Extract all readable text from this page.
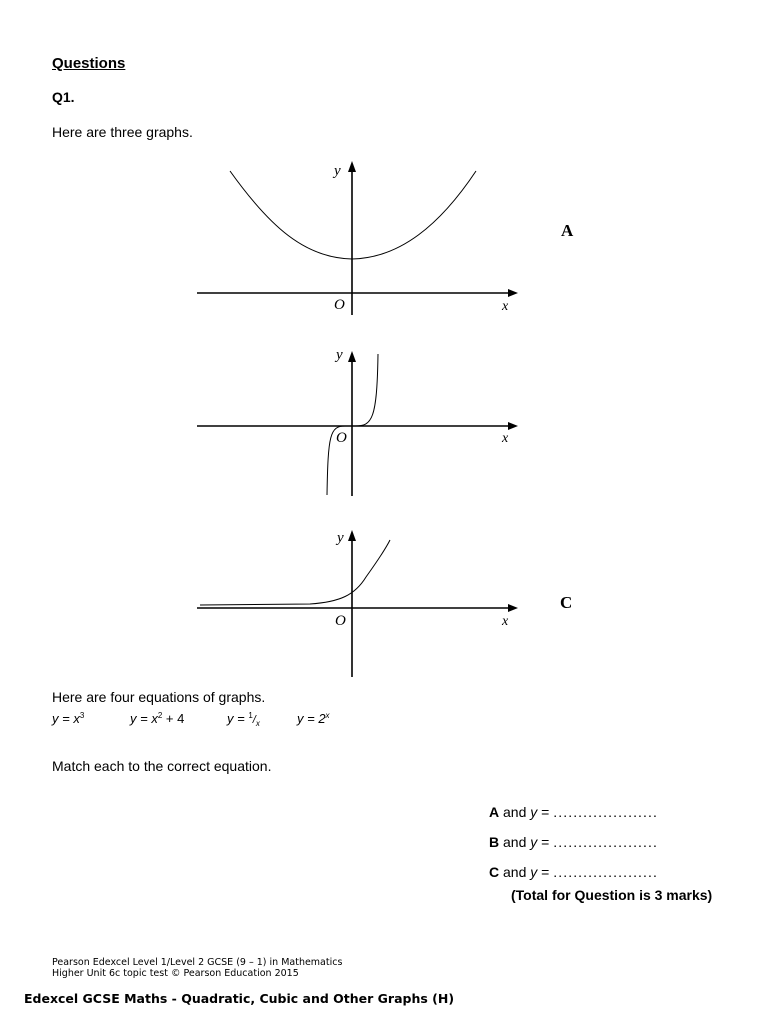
Questions
Q1.
Here are three graphs.
y
O	x
A
y
O	x
y
O	x
C
Here are four equations of graphs.
$y = x^3$	$y = x^2 + 4$	$y = ^1/_x$	$y = 2^x$
Match each to the correct equation.
A and y = .....................
B and y = .....................
C and y = .....................
(Total for Question is 3 marks)
Pearson Edexcel Level 1/Level 2 GCSE (9 – 1) in Mathematics
Higher Unit 6c topic test © Pearson Education 2015
Edexcel GCSE Maths - Quadratic, Cubic and Other Graphs (H)
